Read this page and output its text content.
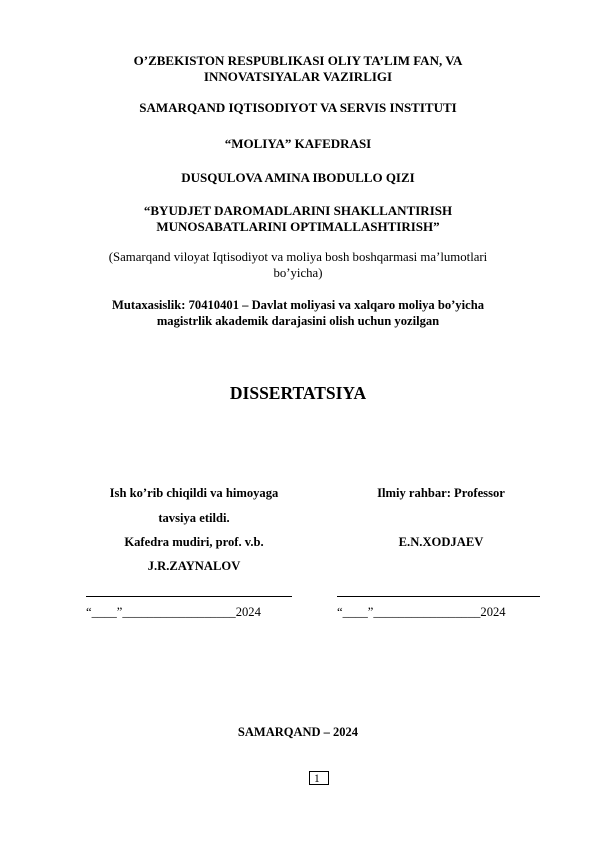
O’ZBEKISTON RESPUBLIKASI OLIY TA’LIM FAN, VA
INNOVATSIYALAR VAZIRLIGI
SAMARQAND IQTISODIYOT VA SERVIS INSTITUTI
“MOLIYA” KAFEDRASI
DUSQULOVA AMINA IBODULLO QIZI
“BYUDJET DAROMADLARINI SHAKLLANTIRISH
MUNOSABATLARINI OPTIMALLASHTIRISH”
(Samarqand viloyat Iqtisodiyot va moliya bosh boshqarmasi ma’lumotlari
bo’yicha)
Mutaxasislik: 70410401 – Davlat moliyasi va xalqaro moliya bo’yicha
magistrlik akademik darajasini olish uchun yozilgan
DISSERTATSIYA
Ish ko’rib chiqildi va himoyaga
tavsiya etildi.
Kafedra mudiri, prof. v.b.
J.R.ZAYNALOV
Ilmiy rahbar: Professor
E.N.XODJAEV
“____”__________________2024	“____”_________________2024
SAMARQAND – 2024
1
